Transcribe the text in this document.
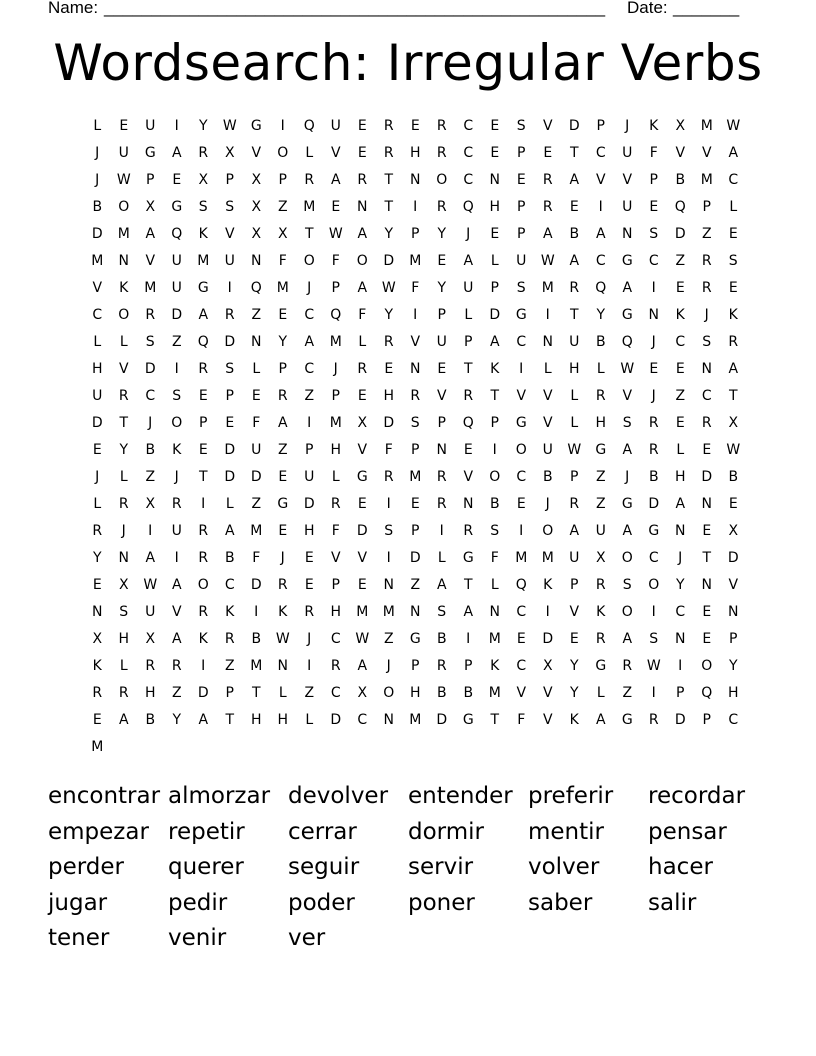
Name: _____________________________________________________ Date: _______
Wordsearch: Irregular Verbs
L	E	U	I	Y	W	G	I	Q	U	E	R	E	R	C	E	S	V	D	P	J	K	X	M W
J	U	G	A	R	X	V	O	L	V	E	R	H	R	C	E	P	E	T	C	U	F	V	V	A
J	W	P	E	X	P	X	P	R	A	R	T	N	O	C	N	E	R	A	V	V	P	B	M	C
B	O	X	G	S	S	X	Z	M	E	N	T	I	R	Q	H	P	R	E	I	U	E	Q	P	L
D	M	A	Q	K	V	X	X	T	W	A	Y	P	Y	J	E	P	A	B	A	N	S	D	Z	E
M	N	V	U	M	U	N	F	O	F	O	D	M	E	A	L	U	W	A	C	G	C	Z	R	S
V	K	M	U	G	I	Q	M	J	P	A	W	F	Y	U	P	S	M	R	Q	A	I	E	R	E
C	O	R	D	A	R	Z	E	C	Q	F	Y	I	P	L	D	G	I	T	Y	G	N	K	J	K
L	L	S	Z	Q	D	N	Y	A	M	L	R	V	U	P	A	C	N	U	B	Q	J	C	S	R
H	V	D	I	R	S	L	P	C	J	R	E	N	E	T	K	I	L	H	L	W	E	E	N	A
U	R	C	S	E	P	E	R	Z	P	E	H	R	V	R	T	V	V	L	R	V	J	Z	C	T
D	T	J	O	P	E	F	A	I	M	X	D	S	P	Q	P	G	V	L	H	S	R	E	R	X
E	Y	B	K	E	D	U	Z	P	H	V	F	P	N	E	I	O	U	W	G	A	R	L	E	W
J	L	Z	J	T	D	D	E	U	L	G	R	M	R	V	O	C	B	P	Z	J	B	H	D	B
L	R	X	R	I	L	Z	G	D	R	E	I	E	R	N	B	E	J	R	Z	G	D	A	N	E
R	J	I	U	R	A	M	E	H	F	D	S	P	I	R	S	I	O	A	U	A	G	N	E	X
Y	N	A	I	R	B	F	J	E	V	V	I	D	L	G	F	M	M	U	X	O	C	J	T	D
E	X	W	A	O	C	D	R	E	P	E	N	Z	A	T	L	Q	K	P	R	S	O	Y	N	V
N	S	U	V	R	K	I	K	R	H	M	M	N	S	A	N	C	I	V	K	O	I	C	E	N
X	H	X	A	K	R	B	W	J	C	W	Z	G	B	I	M	E	D	E	R	A	S	N	E	P
K	L	R	R	I	Z	M	N	I	R	A	J	P	R	P	K	C	X	Y	G	R	W	I	O	Y
R	R	H	Z	D	P	T	L	Z	C	X	O	H	B	B	M	V	V	Y	L	Z	I	P	Q	H
E	A	B	Y	A	T	H	H	L	D	C	N	M	D	G	T	F	V	K	A	G	R	D	P	C
M
encontrar almorzar devolver entender preferir	recordar
empezar repetir	cerrar	dormir	mentir	pensar
perder	querer	seguir	servir	volver	hacer
jugar	pedir	poder	poner	saber	salir
tener	venir	ver
